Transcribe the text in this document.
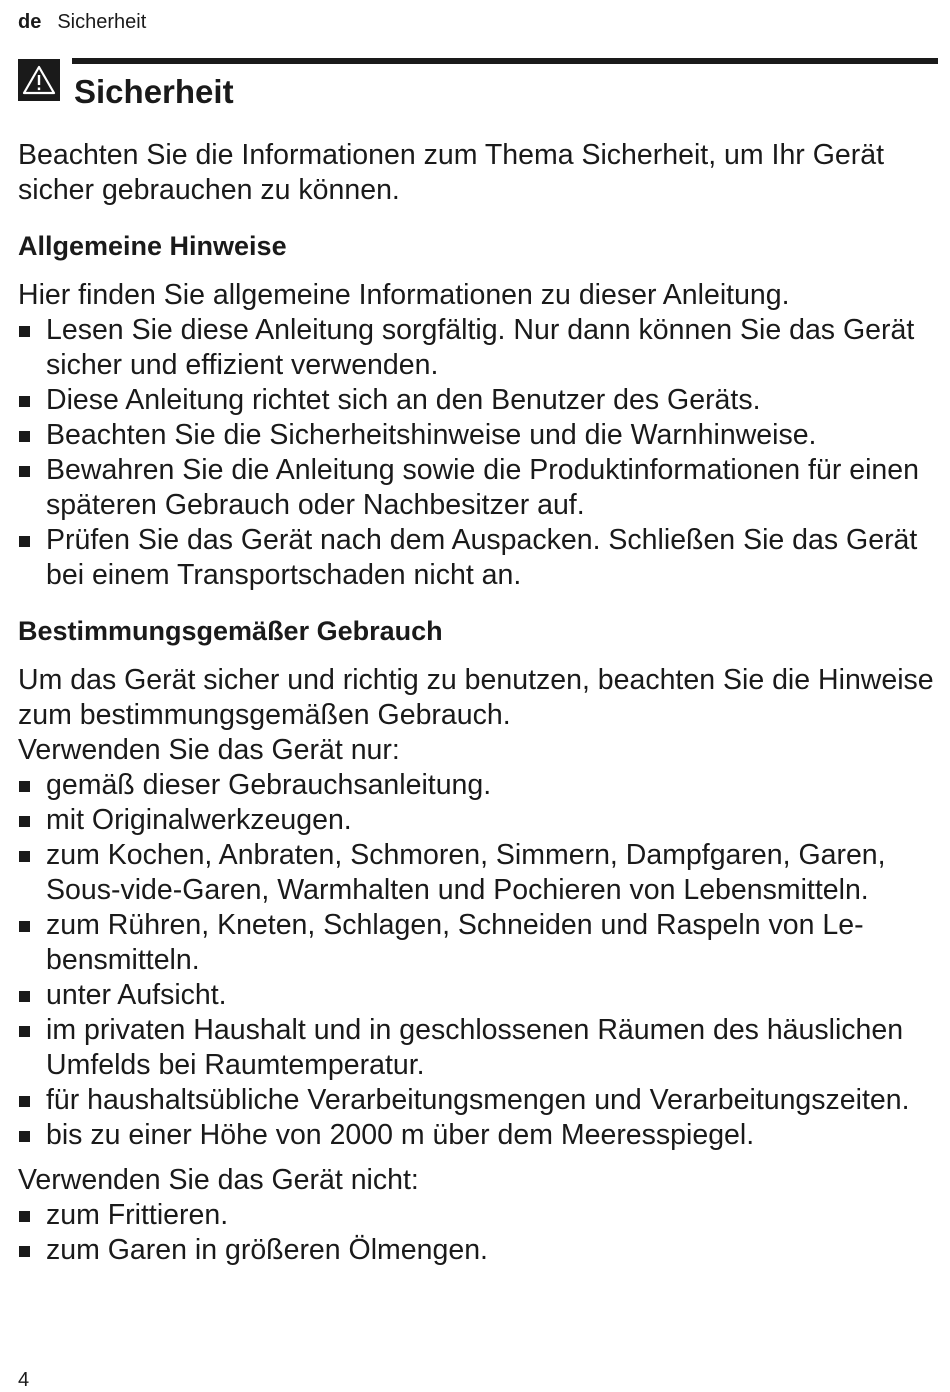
de Sicherheit
Sicherheit

Beachten Sie die Informationen zum Thema Sicherheit, um Ihr Gerät sicher gebrauchen zu können.

Allgemeine Hinweise

Hier finden Sie allgemeine Informationen zu dieser Anleitung.

Lesen Sie diese Anleitung sorgfältig. Nur dann können Sie das Gerät sicher und effizient verwenden.
Diese Anleitung richtet sich an den Benutzer des Geräts.
Beachten Sie die Sicherheitshinweise und die Warnhinweise.
Bewahren Sie die Anleitung sowie die Produktinformationen für einen späteren Gebrauch oder Nachbesitzer auf.
Prüfen Sie das Gerät nach dem Auspacken. Schließen Sie das Gerät bei einem Transportschaden nicht an.
Bestimmungsgemäßer Gebrauch

Um das Gerät sicher und richtig zu benutzen, beachten Sie die Hinweise zum bestimmungsgemäßen Gebrauch.

Verwenden Sie das Gerät nur:

gemäß dieser Gebrauchsanleitung.
mit Originalwerkzeugen.
zum Kochen, Anbraten, Schmoren, Simmern, Dampfgaren, Garen, Sous-vide-Garen, Warmhalten und Pochieren von Lebensmitteln.
zum Rühren, Kneten, Schlagen, Schneiden und Raspeln von Lebensmitteln.
unter Aufsicht.
im privaten Haushalt und in geschlossenen Räumen des häuslichen Umfelds bei Raumtemperatur.
für haushaltsübliche Verarbeitungsmengen und Verarbeitungszeiten.
bis zu einer Höhe von 2000 m über dem Meeresspiegel.

Verwenden Sie das Gerät nicht:

zum Frittieren.
zum Garen in größeren Ölmengen.
4
